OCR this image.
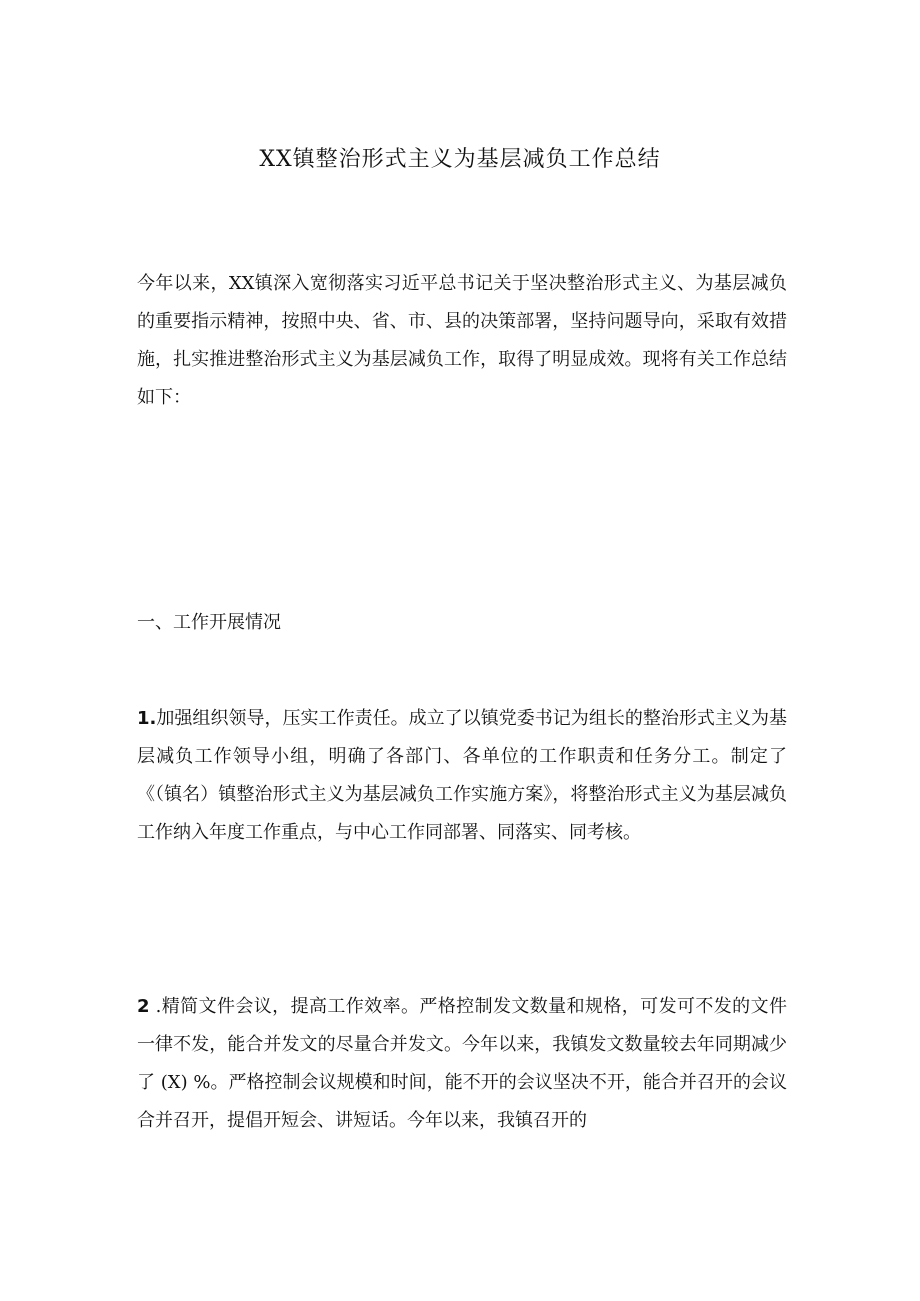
XX镇整治形式主义为基层减负工作总结

今年以来，XX镇深入宽彻落实习近平总书记关于坚决整治形式主义、为基层减负的重要指示精神，按照中央、省、市、县的决策部署，坚持问题导向，采取有效措施，扎实推进整治形式主义为基层减负工作，取得了明显成效。现将有关工作总结如下：

一、工作开展情况

1.加强组织领导，压实工作责任。成立了以镇党委书记为组长的整治形式主义为基层减负工作领导小组，明确了各部门、各单位的工作职责和任务分工。制定了《（镇名）镇整治形式主义为基层减负工作实施方案》，将整治形式主义为基层减负工作纳入年度工作重点，与中心工作同部署、同落实、同考核。

2 .精简文件会议，提高工作效率。严格控制发文数量和规格，可发可不发的文件一律不发，能合并发文的尽量合并发文。今年以来，我镇发文数量较去年同期减少了 (X) %。严格控制会议规模和时间，能不开的会议坚决不开，能合并召开的会议合并召开，提倡开短会、讲短话。今年以来，我镇召开的
